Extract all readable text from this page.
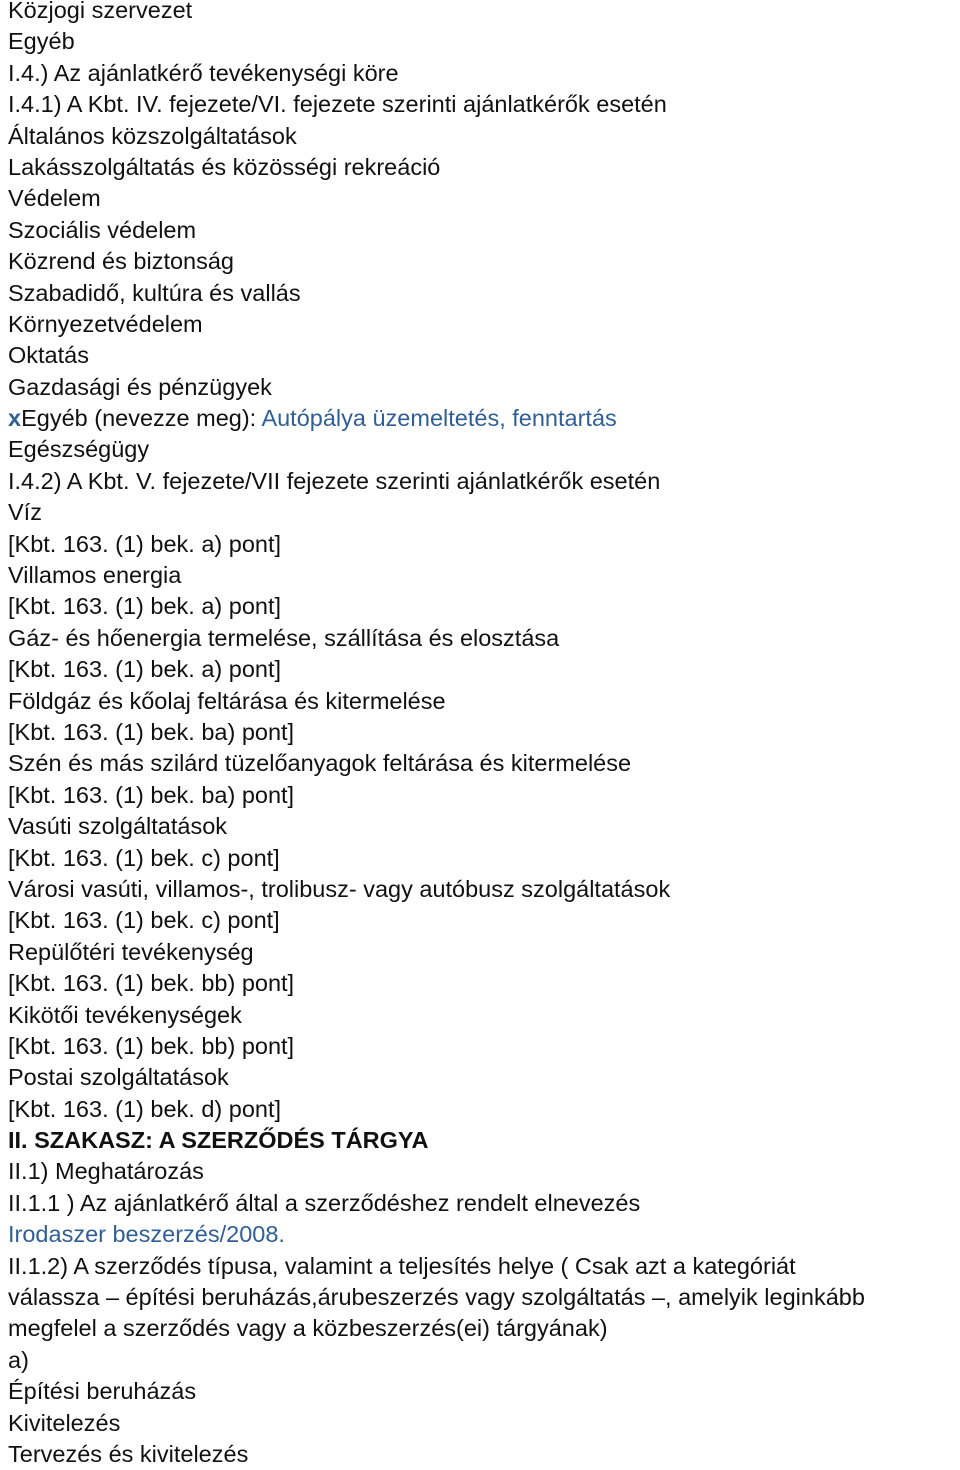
Közjogi szervezet
Egyéb
I.4.) Az ajánlatkérő tevékenységi köre
I.4.1) A Kbt. IV. fejezete/VI. fejezete szerinti ajánlatkérők esetén
Általános közszolgáltatások
Lakásszolgáltatás és közösségi rekreáció
Védelem
Szociális védelem
Közrend és biztonság
Szabadidő, kultúra és vallás
Környezetvédelem
Oktatás
Gazdasági és pénzügyek
xEgyéb (nevezze meg): Autópálya üzemeltetés, fenntartás
Egészségügy
I.4.2) A Kbt. V. fejezete/VII fejezete szerinti ajánlatkérők esetén
Víz
[Kbt. 163. (1) bek. a) pont]
Villamos energia
[Kbt. 163. (1) bek. a) pont]
Gáz- és hőenergia termelése, szállítása és elosztása
[Kbt. 163. (1) bek. a) pont]
Földgáz és kőolaj feltárása és kitermelése
[Kbt. 163. (1) bek. ba) pont]
Szén és más szilárd tüzelőanyagok feltárása és kitermelése
[Kbt. 163. (1) bek. ba) pont]
Vasúti szolgáltatások
[Kbt. 163. (1) bek. c) pont]
Városi vasúti, villamos-, trolibusz- vagy autóbusz szolgáltatások
[Kbt. 163. (1) bek. c) pont]
Repülőtéri tevékenység
[Kbt. 163. (1) bek. bb) pont]
Kikötői tevékenységek
[Kbt. 163. (1) bek. bb) pont]
Postai szolgáltatások
[Kbt. 163. (1) bek. d) pont]
II. SZAKASZ: A SZERZŐDÉS TÁRGYA
II.1) Meghatározás
II.1.1 ) Az ajánlatkérő által a szerződéshez rendelt elnevezés
Irodaszer beszerzés/2008.
II.1.2) A szerződés típusa, valamint a teljesítés helye ( Csak azt a kategóriát
válassza – építési beruházás,árubeszerzés vagy szolgáltatás –, amelyik leginkább
megfelel a szerződés vagy a közbeszerzés(ei) tárgyának)
a)
Építési beruházás
Kivitelezés
Tervezés és kivitelezés
